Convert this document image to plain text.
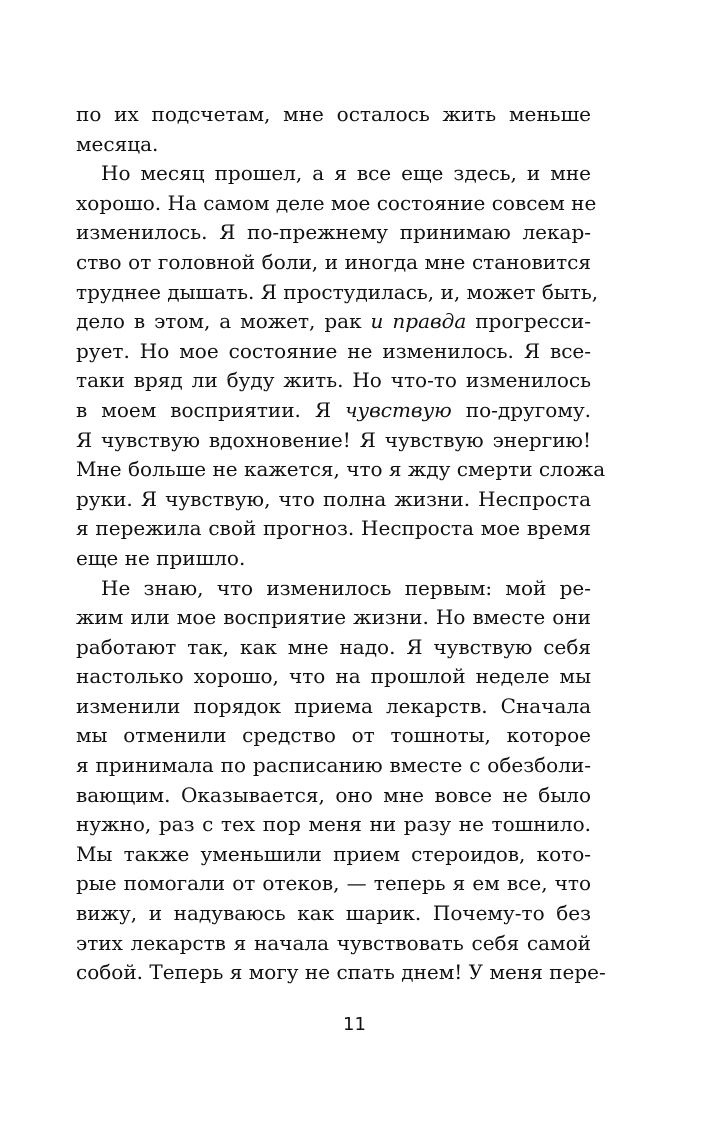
по их подсчетам, мне осталось жить меньше
месяца.
Но месяц прошел, а я все еще здесь, и мне
хорошо. На самом деле мое состояние совсем не
изменилось. Я по-прежнему принимаю лекар-
ство от головной боли, и иногда мне становится
труднее дышать. Я простудилась, и, может быть,
дело в этом, а может, рак и правда прогресси-
рует. Но мое состояние не изменилось. Я все-
таки вряд ли буду жить. Но что-то изменилось
в моем восприятии. Я чувствую по-другому.
Я чувствую вдохновение! Я чувствую энергию!
Мне больше не кажется, что я жду смерти сложа
руки. Я чувствую, что полна жизни. Неспроста
я пережила свой прогноз. Неспроста мое время
еще не пришло.
Не знаю, что изменилось первым: мой ре-
жим или мое восприятие жизни. Но вместе они
работают так, как мне надо. Я чувствую себя
настолько хорошо, что на прошлой неделе мы
изменили порядок приема лекарств. Сначала
мы отменили средство от тошноты, которое
я принимала по расписанию вместе с обезболи-
вающим. Оказывается, оно мне вовсе не было
нужно, раз с тех пор меня ни разу не тошнило.
Мы также уменьшили прием стероидов, кото-
рые помогали от отеков, — теперь я ем все, что
вижу, и надуваюсь как шарик. Почему-то без
этих лекарств я начала чувствовать себя самой
собой. Теперь я могу не спать днем! У меня пере-
11
